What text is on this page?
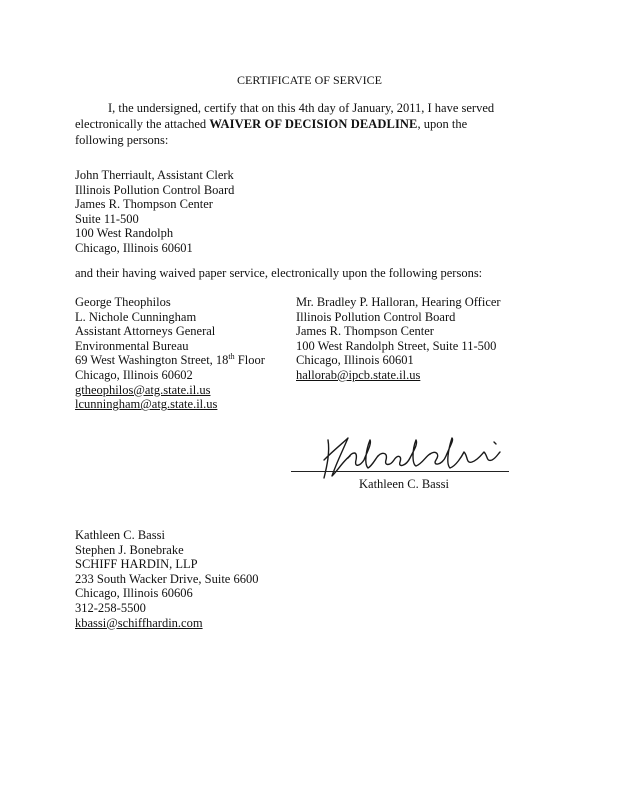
CERTIFICATE OF SERVICE
I, the undersigned, certify that on this 4th day of January, 2011, I have served electronically the attached WAIVER OF DECISION DEADLINE, upon the following persons:
John Therriault, Assistant Clerk
Illinois Pollution Control Board
James R. Thompson Center
Suite 11-500
100 West Randolph
Chicago, Illinois 60601
and their having waived paper service, electronically upon the following persons:
George Theophilos
L. Nichole Cunningham
Assistant Attorneys General
Environmental Bureau
69 West Washington Street, 18th Floor
Chicago, Illinois 60602
gtheophilos@atg.state.il.us
lcunningham@atg.state.il.us
Mr. Bradley P. Halloran, Hearing Officer
Illinois Pollution Control Board
James R. Thompson Center
100 West Randolph Street, Suite 11-500
Chicago, Illinois 60601
hallorab@ipcb.state.il.us
Kathleen C. Bassi
Kathleen C. Bassi
Stephen J. Bonebrake
SCHIFF HARDIN, LLP
233 South Wacker Drive, Suite 6600
Chicago, Illinois 60606
312-258-5500
kbassi@schiffhardin.com
